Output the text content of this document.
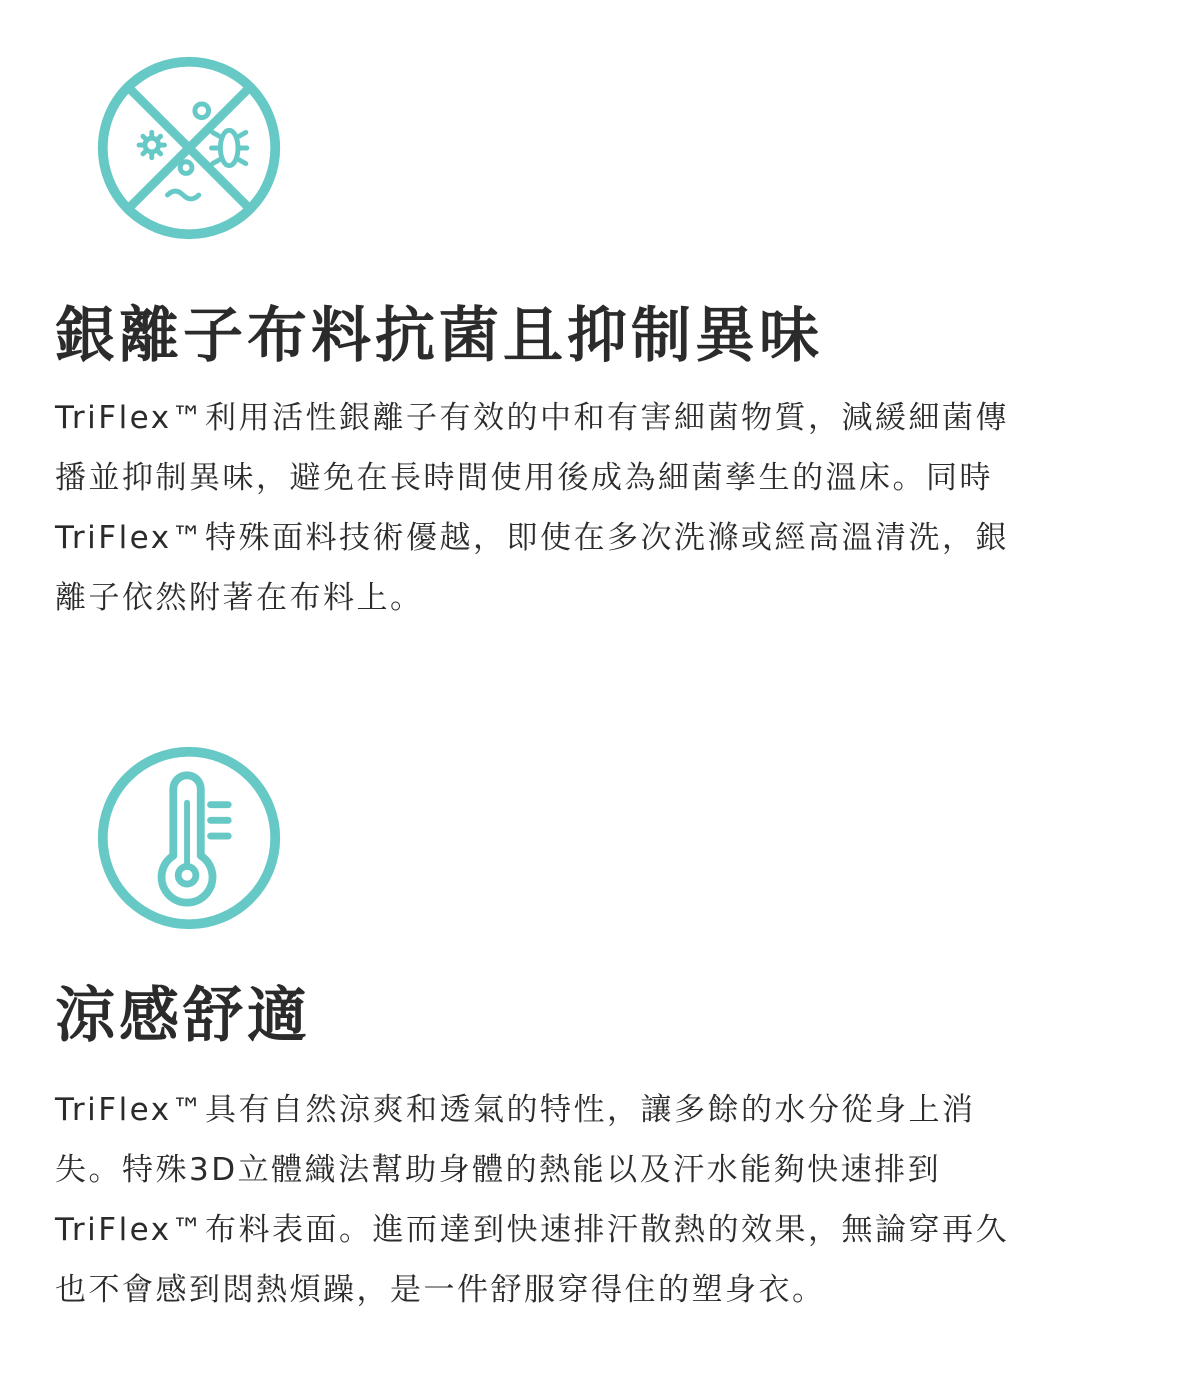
銀離子布料抗菌且抑制異味

TriFlex™利用活性銀離子有效的中和有害細菌物質，減緩細菌傳
播並抑制異味，避免在長時間使用後成為細菌孳生的溫床。同時
TriFlex™特殊面料技術優越，即使在多次洗滌或經高溫清洗，銀
離子依然附著在布料上。

涼感舒適

TriFlex™具有自然涼爽和透氣的特性，讓多餘的水分從身上消
失。特殊3D立體織法幫助身體的熱能以及汗水能夠快速排到
TriFlex™布料表面。進而達到快速排汗散熱的效果，無論穿再久
也不會感到悶熱煩躁，是一件舒服穿得住的塑身衣。
